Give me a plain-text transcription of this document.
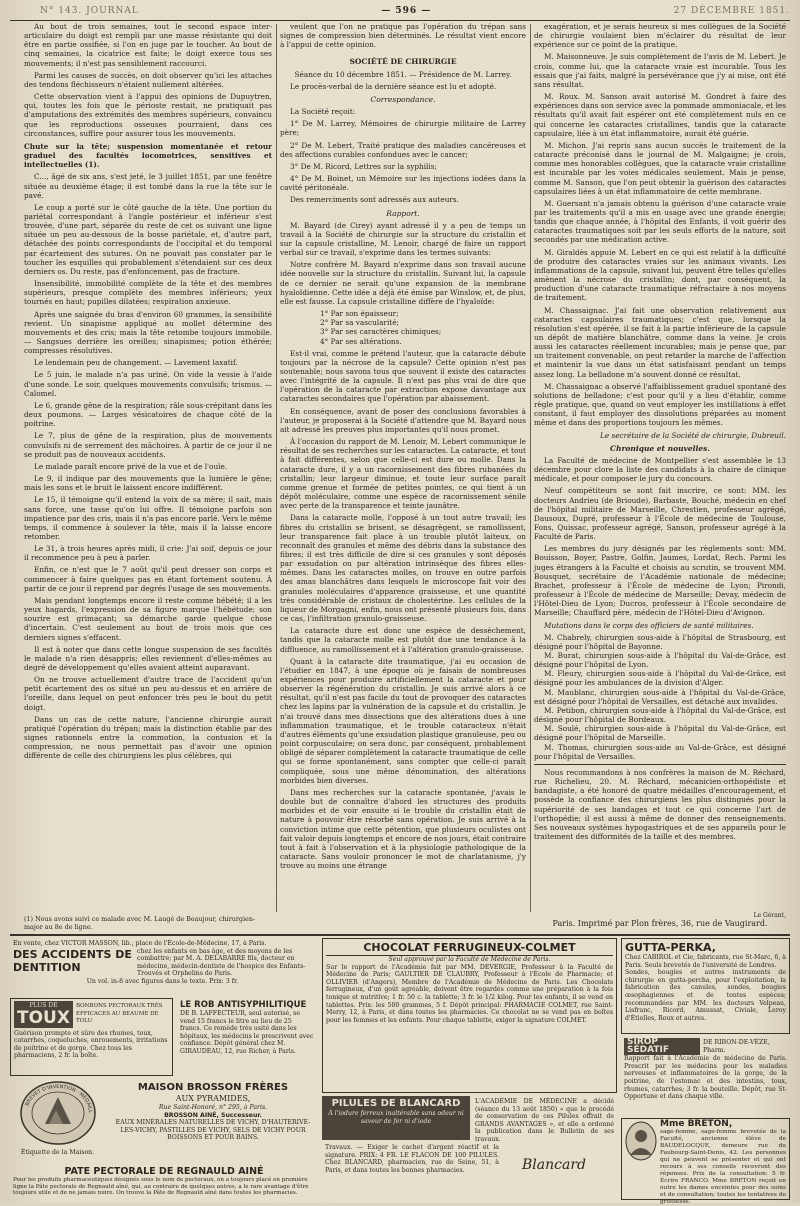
N° 143. JOURNAL	— 596 —	27 DÉCEMBRE 1851.

Au bout de trois semaines, tout le second espace inter-articulaire du doigt est rempli par une masse résistante qui doit être en partie ossifiée, si l'on en juge par le toucher. Au bout de cinq semaines, la cicatrice est faite; le doigt exerce tous ses mouvements; il n'est pas sensiblement raccourci.

Parmi les causes de succès, on doit observer qu'ici les attaches des tendons fléchisseurs n'étaient nullement altérées.

Cette observation vient à l'appui des opinions de Dupuytren, qui, toutes les fois que le périoste restait, ne pratiquait pas d'amputations des extrémités des membres supérieurs, convaincu que les reproductions osseuses pourraient, dans ces circonstances, suffire pour assurer tous les mouvements.

Chute sur la tête; suspension momentanée et retour graduel des facultés locomotrices, sensitives et intellectuelles (1).

C..., âgé de six ans, s'est jeté, le 3 juillet 1851, par une fenêtre située au deuxième étage; il est tombé dans la rue la tête sur le pavé.

Le coup a porté sur le côté gauche de la tête. Une portion du pariétal correspondant à l'angle postérieur et inférieur s'est trouvée, d'une part, séparée du reste de cet os suivant une ligne située un peu au-dessous de la bosse pariétale, et, d'autre part, détachée des points correspondants de l'occipital et du temporal par écartement des sutures. On ne pouvait pas constater par le toucher les esquilles qui probablement s'étendaient sur ces deux derniers os. Du reste, pas d'enfoncement, pas de fracture.

Insensibilité, immobilité complète de la tête et des membres supérieurs, presque complète des membres inférieurs; yeux tournés en haut; pupilles dilatées; respiration anxieuse.

Après une saignée du bras d'environ 60 grammes, la sensibilité revient. Un sinapisme appliqué au mollet détermine des mouvements et des cris; mais la tête retombe toujours immobile. — Sangsues derrière les oreilles; sinapismes; potion éthérée; compresses résolutives.

Le lendemain peu de changement. — Lavement laxatif.

Le 5 juin, le malade n'a pas uriné. On vide la vessie à l'aide d'une sonde. Le soir, quelques mouvements convulsifs; trismus. — Calomel.

Le 6, grande gêne de la respiration; râle sous-crépitant dans les deux poumons. — Larges vésicatoires de chaque côté de la poitrine.

Le 7, plus de gêne de la respiration, plus de mouvements convulsifs ni de serrement des mâchoires. À partir de ce jour il ne se produit pas de nouveaux accidents.

Le malade paraît encore privé de la vue et de l'ouïe.

Le 9, il indique par des mouvements que la lumière le gêne; mais les sons et le bruit le laissent encore indifférent.

Le 15, il témoigne qu'il entend la voix de sa mère; il sait, mais sans force, une tasse qu'on lui offre. Il témoigne parfois son impatience par des cris, mais il n'a pas encore parlé. Vers le même temps, il commence à soulever la tête, mais il la laisse encore retomber.

Le 31, à trois heures après midi, il crie: J'ai soif, depuis ce jour il recommence peu à peu à parler.

Enfin, ce n'est que le 7 août qu'il peut dresser son corps et commencer à faire quelques pas en étant fortement soutenu. À partir de ce jour il reprend par degrés l'usage de ses mouvements.

Mais pendant longtemps encore il reste comme hébété; il a les yeux hagards, l'expression de sa figure marque l'hébétude; son sourire est grimaçant; sa démarche garde quelque chose d'incertain. C'est seulement au bout de trois mois que ces derniers signes s'effacent.

Il est à noter que dans cette longue suspension de ses facultés le malade n'a rien désappris; elles reviennent d'elles-mêmes au degré de développement qu'elles avaient atteint auparavant.

On ne trouve actuellement d'autre trace de l'accident qu'un petit écartement des os situé un peu au-dessus et en arrière de l'oreille, dans lequel on peut enfoncer très peu le bout du petit doigt.

Dans un cas de cette nature, l'ancienne chirurgie aurait pratiqué l'opération du trépan; mais la distinction établie par des signes rationnels entre la commotion, la contusion et la compression, ne nous permettait pas d'avoir une opinion différente de celle des chirurgiens les plus célèbres, qui

veulent que l'on ne pratique pas l'opération du trépan sans signes de compression bien déterminés. Le résultat vient encore à l'appui de cette opinion.

SOCIÉTÉ DE CHIRURGIE

Séance du 10 décembre 1851. — Présidence de M. Larrey.

Le procès-verbal de la dernière séance est lu et adopté.

Correspondance.

La Société reçoit:

1° De M. Larrey, Mémoires de chirurgie militaire de Larrey père;

2° De M. Lebert, Traité pratique des maladies cancéreuses et des affections curables confondues avec le cancer;

3° De M. Ricord, Lettres sur la syphilis;

4° De M. Boinet, un Mémoire sur les injections iodées dans la cavité péritonéale.

Des remerciments sont adressés aux auteurs.

Rapport.

M. Bayard (de Cirey) ayant adressé il y a peu de temps un travail à la Société de chirurgie sur la structure du cristallin et sur la capsule cristalline, M. Lenoir, chargé de faire un rapport verbal sur ce travail, s'exprime dans les termes suivants:

Notre confrère M. Bayard n'exprime dans son travail aucune idée nouvelle sur la structure du cristallin. Suivant lui, la capsule de ce dernier ne serait qu'une expansion de la membrane hyaloïdienne. Cette idée a déjà été émise par Winslow, et, de plus, elle est fausse. La capsule cristalline diffère de l'hyaloïde:

1° Par son épaisseur;

2° Par sa vascularité;

3° Par ses caractères chimiques;

4° Par ses altérations.

Est-il vrai, comme le prétend l'auteur, que la cataracte débute toujours par la nécrose de la capsule? Cette opinion n'est pas soutenable; nous savons tous que souvent il existe des cataractes avec l'intégrité de la capsule. Il n'est pas plus vrai de dire que l'opération de la cataracte par extraction expose davantage aux cataractes secondaires que l'opération par abaissement.

En conséquence, avant de poser des conclusions favorables à l'auteur, je proposerai à la Société d'attendre que M. Bayard nous ait adressé les preuves plus importantes qu'il nous promet.

À l'occasion du rapport de M. Lenoir, M. Lebert communique le résultat de ses recherches sur les cataractes. La cataracte, et tout à fait différentes, selon que celle-ci est dure ou molle. Dans la cataracte dure, il y a un racornissement des fibres rubanées du cristallin; leur largeur diminue, et toute leur surface paraît comme grenue et formée de petites pointes, ce qui tient à un dépôt moléculaire, comme une espèce de racornissement sénile avec perte de la transparence et teinte jaunâtre.

Dans la cataracte molle, l'opposé à un tout autre travail; les fibres du cristallin se brisent, se désagrègent, se ramollissent, leur transparence fait place à un trouble plutôt laiteux, on reconnaît des granules et même des débris dans la substance des fibres; il est très difficile de dire si ces granules y sont déposés par exsudation ou par altération intrinsèque des fibres elles-mêmes. Dans les cataractes molles, on trouve en outre parfois des amas blanchâtres dans lesquels le microscope fait voir des granules moléculaires d'apparence graisseuse, et une quantité très considérable de cristaux de cholestérine. Les cellules de la liqueur de Morgagni, enfin, nous ont présenté plusieurs fois, dans ce cas, l'infiltration granulo-graisseuse.

La cataracte dure est donc une espèce de dessèchement, tandis que la cataracte molle est plutôt due une tendance à la diffluence, au ramollissement et à l'altération granulo-graisseuse.

Quant à la cataracte dite traumatique, j'ai eu occasion de l'étudier en 1847, à une époque où je faisais de nombreuses expériences pour produire artificiellement la cataracte et pour observer la régénération du cristallin. Je suis arrivé alors à ce résultat, qu'il n'est pas facile du tout de provoquer des cataractes chez les lapins par la vulnération de la capsule et du cristallin. Je n'ai trouvé dans mes dissections que des altérations dues à une inflammation traumatique, et le trouble cataracteux n'était d'autres éléments qu'une exsudation plastique granuleuse, peu ou point corpusculaire; on sera donc, par conséquent, probablement obligé de séparer complètement la cataracte traumatique de celle qui se forme spontanément, sans compter que celle-ci paraît compliquée, sous une même dénomination, des altérations morbides bien diverses.

Dans mes recherches sur la cataracte spontanée, j'avais le double but de connaître d'abord les structures des produits morbides et de voir ensuite si le trouble du cristallin était de nature à pouvoir être résorbé sans opération. Je suis arrivé à la conviction intime que cette pétention, que plusieurs oculistes ont fait valoir depuis longtemps et encore de nos jours, était contraire tout à fait à l'observation et à la physiologie pathologique de la cataracte. Sans vouloir prononcer le mot de charlatanisme, j'y trouve au moins une étrange

exagération, et je serais heureux si mes collègues de la Société de chirurgie voulaient bien m'éclairer du résultat de leur expérience sur ce point de la pratique.

M. Maisonneuve. Je suis complètement de l'avis de M. Lebert. Je crois, comme lui, que la cataracte vraie est incurable. Tous les essais que j'ai faits, malgré la persévérance que j'y ai mise, ont été sans résultat.

M. Roux. M. Sanson avait autorisé M. Gondret à faire des expériences dans son service avec la pommade ammoniacale, et les résultats qu'il avait fait espérer ont été complètement nuls en ce qui concerne les cataractes cristallines, tandis que la cataracte capsulaire, liée à un état inflammatoire, aurait été guérie.

M. Michon. J'ai repris sans aucun succès le traitement de la cataracte préconisé dans le journal de M. Malgaigne; je crois, comme mes honorables collègues, que la cataracte vraie cristalline est incurable par les voies médicales seulement. Mais je pense, comme M. Sanson, que l'on peut obtenir la guérison des cataractes capsulaires liées à un état inflammatoire de cette membrane.

M. Guersant n'a jamais obtenu la guérison d'une cataracte vraie par les traitements qu'il a mis en usage avec une grande énergie; tandis que chaque année, à l'hôpital des Enfants, il voit guérir des cataractes traumatiques soit par les seuls efforts de la nature, soit secondés par une médication active.

M. Giraldès appuie M. Lebert en ce qui est relatif à la difficulté de produire des cataractes vraies sur les animaux vivants. Les inflammations de la capsule, suivant lui, peuvent être telles qu'elles amènent la nécrose du cristallin; dont, par conséquent, la production d'une cataracte traumatique réfractaire à nos moyens de traitement.

M. Chassaignac. J'ai fait une observation relativement aux cataractes capsulaires traumatiques; c'est que, lorsque la résolution s'est opérée, il se fait à la partie inférieure de la capsule un dépôt de matière blanchâtre, comme dans la veine. Je crois aussi les cataractes réellement incurables; mais je pense que, par un traitement convenable, on peut retarder la marche de l'affection et maintenir la vue dans un état satisfaisant pendant un temps assez long. La belladone m'a souvent donné ce résultat.

M. Chassaignac a observé l'affaiblissement graduel spontané des solutions de belladone; c'est pour qu'il y a lieu d'établir, comme règle pratique, que, quand on veut employer les instillations à effet constant, il faut employer des dissolutions préparées au moment même et dans des proportions toujours les mêmes.

Le secrétaire de la Société de chirurgie, Dubreuil.

Chronique et nouvelles.

La Faculté de médecine de Montpellier s'est assemblée le 13 décembre pour clore la liste des candidats à la chaire de clinique médicale, et pour composer le jury du concours.

Neuf compétiteurs se sont fait inscrire, ce sont: MM. les docteurs Andrieu (de Brioude), Barbaste, Bouché, médecin en chef de l'hôpital militaire de Marseille, Chrestien, professeur agrégé, Dausoux, Dupré, professeur à l'École de médecine de Toulouse, Fons, Quissac, professeur agrégé, Sanson, professeur agrégé à la Faculté de Paris.

Les membres du jury désignés par les règlements sont: MM. Bouisson, Boyer, Pastre, Golfin, Jaumes, Lordat, Rech. Parmi les juges étrangers à la Faculté et choisis au scrutin, se trouvent MM. Bousquet, secrétaire de l'Académie nationale de médecine; Brachet, professeur à l'École de médecine de Lyon; Pirondi, professeur à l'École de médecine de Marseille; Devay, médecin de l'Hôtel-Dieu de Lyon; Ducros, professeur à l'École secondaire de Marseille; Chauffard père, médecin de l'Hôtel-Dieu d'Avignon.

Mutations dans le corps des officiers de santé militaires.

M. Chabrely, chirurgien sous-aide à l'hôpital de Strasbourg, est désigné pour l'hôpital de Bayonne.

M. Burat, chirurgien sous-aide à l'hôpital du Val-de-Grâce, est désigné pour l'hôpital de Lyon.

M. Fleury, chirurgien sous-aide à l'hôpital du Val-de-Grâce, est désigné pour les ambulances de la division d'Alger.

M. Maublanc, chirurgien sous-aide à l'hôpital du Val-de-Grâce, est désigné pour l'hôpital de Versailles, est détaché aux invalides.

M. Petibon, chirurgien sous-aide à l'hôpital du Val-de-Grâce, est désigné pour l'hôpital de Bordeaux.

M. Soulé, chirurgien sous-aide à l'hôpital du Val-de-Grâce, est désigné pour l'hôpital de Marseille.

M. Thomas, chirurgien sous-aide au Val-de-Grâce, est désigné pour l'hôpital de Versailles.

Nous recommandons à nos confrères la maison de M. Réchard, rue Richelieu, 20. M. Réchard, mécanicien-orthopédiste et bandagiste, a été honoré de quatre médailles d'encouragement, et possède la confiance des chirurgiens les plus distingués pour la supériorité de ses bandages et tout ce qui concerne l'art de l'orthopédie; il est aussi à même de donner des renseignements. Ses nouveaux systèmes hypogastriques et de ses appareils pour le traitement des difformités de la taille et des membres.

(1) Nous avons suivi ce malade avec M. Laugé de Beaujour, chirurgien-major au 8e de ligne.
Le Gérant,
Paris. Imprimé par Plon frères, 36, rue de Vaugirard.
En vente, chez VICTOR MASSON, lib., place de l'École-de-Médecine, 17, à Paris.
DES ACCIDENTS DE DENTITION
chez les enfants en bas âge, et des moyens de les combattre; par M. A. DELABARRE fils, docteur en médecine, médecin-dentiste de l'hospice des Enfants-Trouvés et Orphelins de Paris.
Un vol. in-8 avec figures dans le texte. Prix: 3 fr.
PLUS DE
TOUX
BONBONS PECTORAUX TRÈS EFFICACES AU BEAUME DE TOLU
Guérison prompte et sûre des rhumes, toux, catarrhes, coqueluches, enrouements, irritations de poitrine et de gorge. Chez tous les pharmaciens, 2 fr. la boîte.
LE ROB ANTISYPHILITIQUE
DE B. LAFFECTEUR, seul autorisé, se vend 15 francs le litre au lieu de 25 francs. Ce remède très usité dans les hôpitaux, les médecins le prescrivent avec confiance. Dépôt général chez M. GIRAUDEAU, 12, rue Richer, à Paris.
BREVET D'INVENTION · MÉDAILL
Étiquette de la Maison.
MAISON BROSSON FRÈRES
AUX PYRAMIDES,
Rue Saint-Honoré, n° 295, à Paris.
BROSSON AINÉ, Successeur.
EAUX MINÉRALES NATURELLES DE VICHY, D'HAUTERIVE-LES-VICHY, PASTILLES DE VICHY, SELS DE VICHY POUR BOISSONS ET POUR BAINS.
PATE PECTORALE DE REGNAULD AINÉ
Pour les produits pharmaceutiques désignés sous le nom de pectoraux, on a toujours placé en première ligne la Pâte pectorale de Regnauld aîné, qui, au contraire de quelques autres, a le rare avantage d'être toujours utile et de ne jamais nuire. On trouve la Pâte de Regnauld aîné dans toutes les pharmacies.
CHOCOLAT FERRUGINEUX-COLMET
Seul approuvé par la Faculté de Médecine de Paris.
Sur le rapport de l'Académie fait par MM. DEVERGIE, Professeur à la Faculté de Médecine de Paris; GAULTIER DE CLAUBRY, Professeur à l'École de Pharmacie; et OLLIVIER (d'Angers), Membre de l'Académie de Médecine de Paris. Les Chocolats ferrugineux, d'un goût agréable, doivent être regardés comme une préparation à la fois tonique et nutritive; 1 fr. 50 c. la tablette; 3 fr. le 1/2 kilog. Pour les enfants, il se vend en tablettes. Prix: les 500 grammes, 5 f. Dépôt principal: PHARMACIE COLMET, rue Saint-Merry, 12, à Paris, et dans toutes les pharmacies. Ce chocolat ne se vend pas en boîtes pour les femmes et les enfants. Pour chaque tablette, exiger la signature COLMET.
PILULES DE BLANCARD
À l'iodure ferreux inaltérable sans odeur ni saveur de fer ni d'iode
L'ACADÉMIE DE MÉDECINE a décidé (séance du 13 août 1850) « que le procédé de conservation de ces Pilules offrait de GRANDS AVANTAGES », et elle a ordonné la publication dans le Bulletin de ses travaux.
Travaux. — Exiger le cachet d'argent réactif et la signature. PRIX: 4 FR. LE FLACON DE 100 PILULES. Chez BLANCARD, pharmacien, rue de Seine, 51, à Paris, et dans toutes les bonnes pharmacies.	Blancard
GUTTA-PERKA,
Chez CABIROL et Cie, fabricants, rue St-Marc, 6, à Paris. Seuls brevetés de l'université de Londres.
Sondes, bougies et autres instruments de chirurgie en gutta-percha, pour l'exploitation, la fabrication des canules, sondes, bougies œsophagiennes et de toutes espèces; recommandées par MM. les docteurs Velpeau, Lisfranc, Ricord, Amussat, Civiale, Leroy d'Étiolles, Roux et autres.
SIROP SÉDATIF
DE RIBON-DE-VÈZE, Pharm.
Rapport fait à l'Académie de médecine de Paris. Prescrit par les médecins pour les maladies nerveuses et inflammatoires de la gorge, de la poitrine, de l'estomac et des intestins, toux, rhumes, catarrhes; 3 fr. la bouteille. Dépôt, rue St-Opportune et dans chaque ville.
Mme BRETON,
sage-femme, sage-femme brevetée de la Faculté, ancienne élève de BAUDELOCQUE, demeure rue du Faubourg-Saint-Denis, 42. Les personnes qui ne peuvent se présenter et qui ont recours à ses conseils recevront des réponses. Prix de la consultation: 5 fr. Écrire FRANCO. Mme BRETON reçoit en outre les dames enceintes pour des soins et de consultation; toutes les tentatives de grossesse.
